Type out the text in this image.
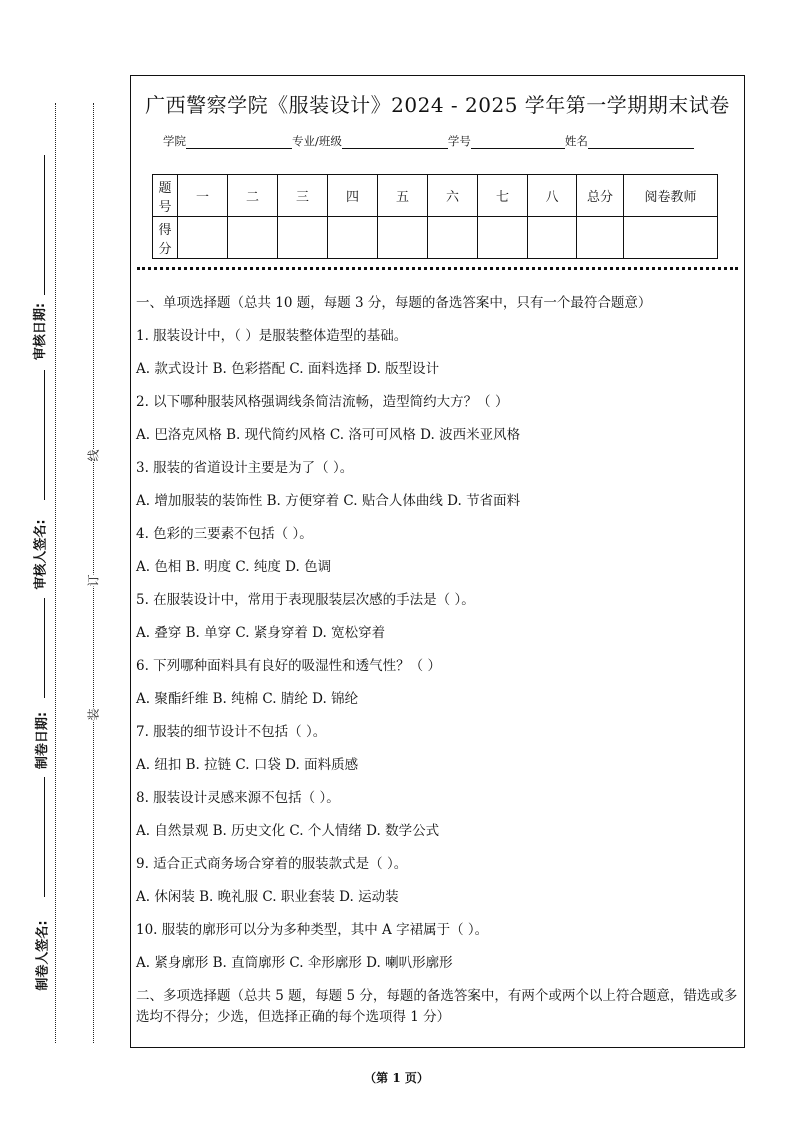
审核日期:
审核人签名:
制卷日期:
制卷人签名:
线
订
装
广西警察学院《服装设计》2024 - 2025 学年第一学期期末试卷
学院	专业/班级	学号	姓名
题号	一	二	三	四	五	六	七	八	总分	阅卷教师
得分										

一、单项选择题（总共 10 题，每题 3 分，每题的备选答案中，只有一个最符合题意）

1. 服装设计中，（ ）是服装整体造型的基础。

A. 款式设计 B. 色彩搭配 C. 面料选择 D. 版型设计

2. 以下哪种服装风格强调线条简洁流畅，造型简约大方？（ ）

A. 巴洛克风格 B. 现代简约风格 C. 洛可可风格 D. 波西米亚风格

3. 服装的省道设计主要是为了（ ）。

A. 增加服装的装饰性 B. 方便穿着 C. 贴合人体曲线 D. 节省面料

4. 色彩的三要素不包括（ ）。

A. 色相 B. 明度 C. 纯度 D. 色调

5. 在服装设计中，常用于表现服装层次感的手法是（ ）。

A. 叠穿 B. 单穿 C. 紧身穿着 D. 宽松穿着

6. 下列哪种面料具有良好的吸湿性和透气性？（ ）

A. 聚酯纤维 B. 纯棉 C. 腈纶 D. 锦纶

7. 服装的细节设计不包括（ ）。

A. 纽扣 B. 拉链 C. 口袋 D. 面料质感

8. 服装设计灵感来源不包括（ ）。

A. 自然景观 B. 历史文化 C. 个人情绪 D. 数学公式

9. 适合正式商务场合穿着的服装款式是（ ）。

A. 休闲装 B. 晚礼服 C. 职业套装 D. 运动装

10. 服装的廓形可以分为多种类型，其中 A 字裙属于（ ）。

A. 紧身廓形 B. 直筒廓形 C. 伞形廓形 D. 喇叭形廓形

二、多项选择题（总共 5 题，每题 5 分，每题的备选答案中，有两个或两个以上符合题意，错选或多选均不得分；少选，但选择正确的每个选项得 1 分）

（第 1 页）
